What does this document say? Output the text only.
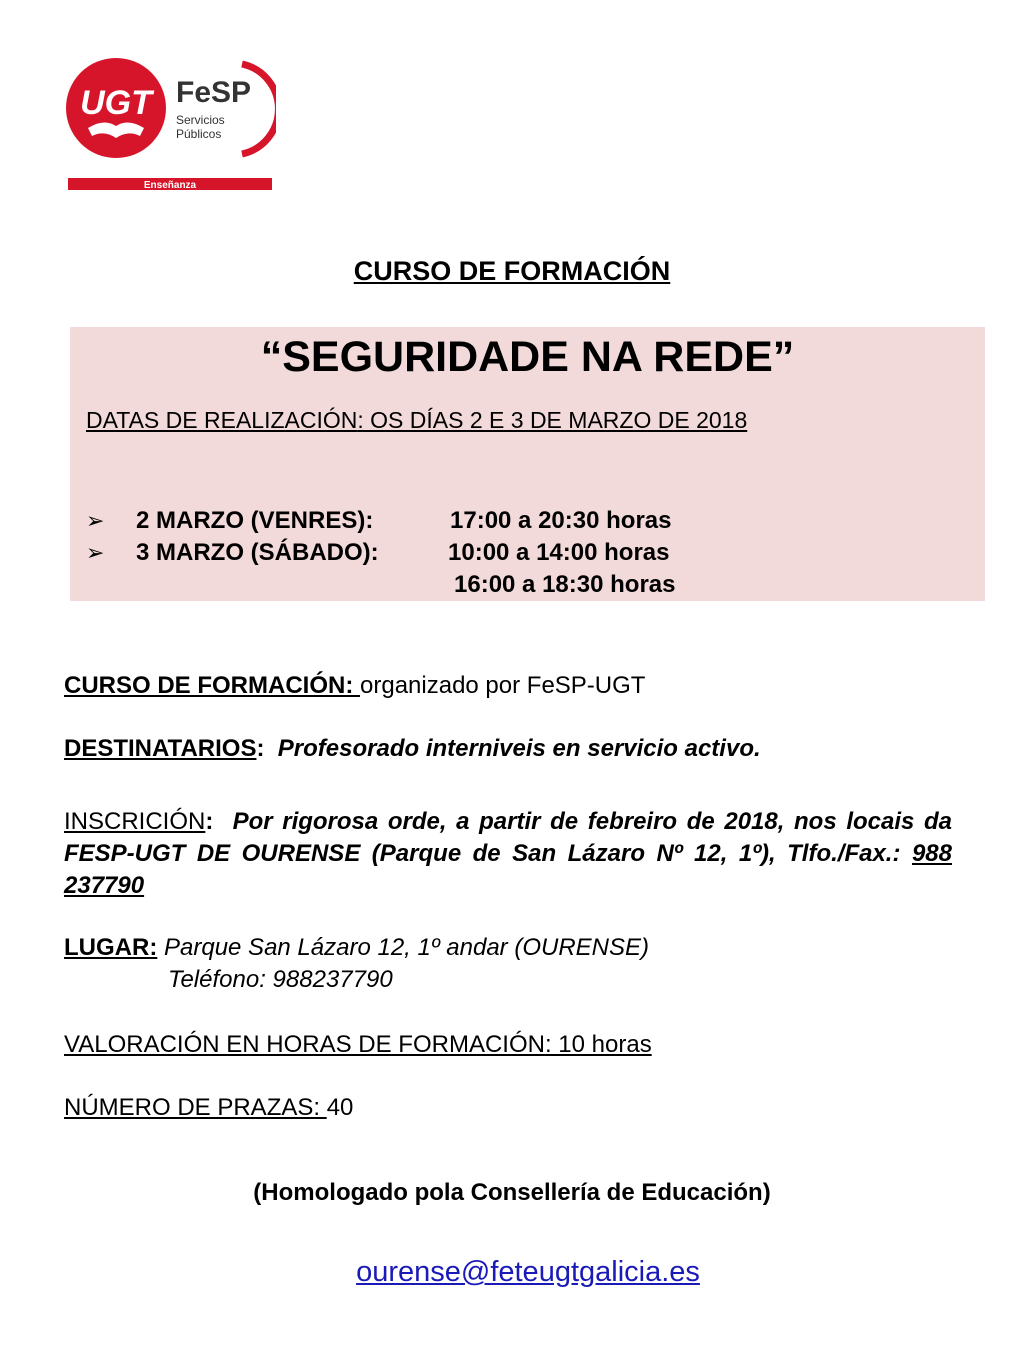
UGT FeSP
Servicios
Públicos
Enseñanza
CURSO DE FORMACIÓN
“SEGURIDADE NA REDE”
DATAS DE REALIZACIÓN: OS DÍAS 2 E 3 DE MARZO DE 2018
➢ 2 MARZO (VENRES):	17:00 a 20:30 horas
➢ 3 MARZO (SÁBADO):	10:00 a 14:00 horas
16:00 a 18:30 horas
CURSO DE FORMACIÓN: organizado por FeSP-UGT
DESTINATARIOS: Profesorado interniveis en servicio activo.
INSCRICIÓN: Por rigorosa orde, a partir de febreiro de 2018, nos locais da FESP-UGT DE OURENSE (Parque de San Lázaro Nº 12, 1º), Tlfo./Fax.: 988 237790
LUGAR: Parque San Lázaro 12, 1º andar (OURENSE)
Teléfono: 988237790
VALORACIÓN EN HORAS DE FORMACIÓN: 10 horas
NÚMERO DE PRAZAS: 40
(Homologado pola Consellería de Educación)
ourense@feteugtgalicia.es
